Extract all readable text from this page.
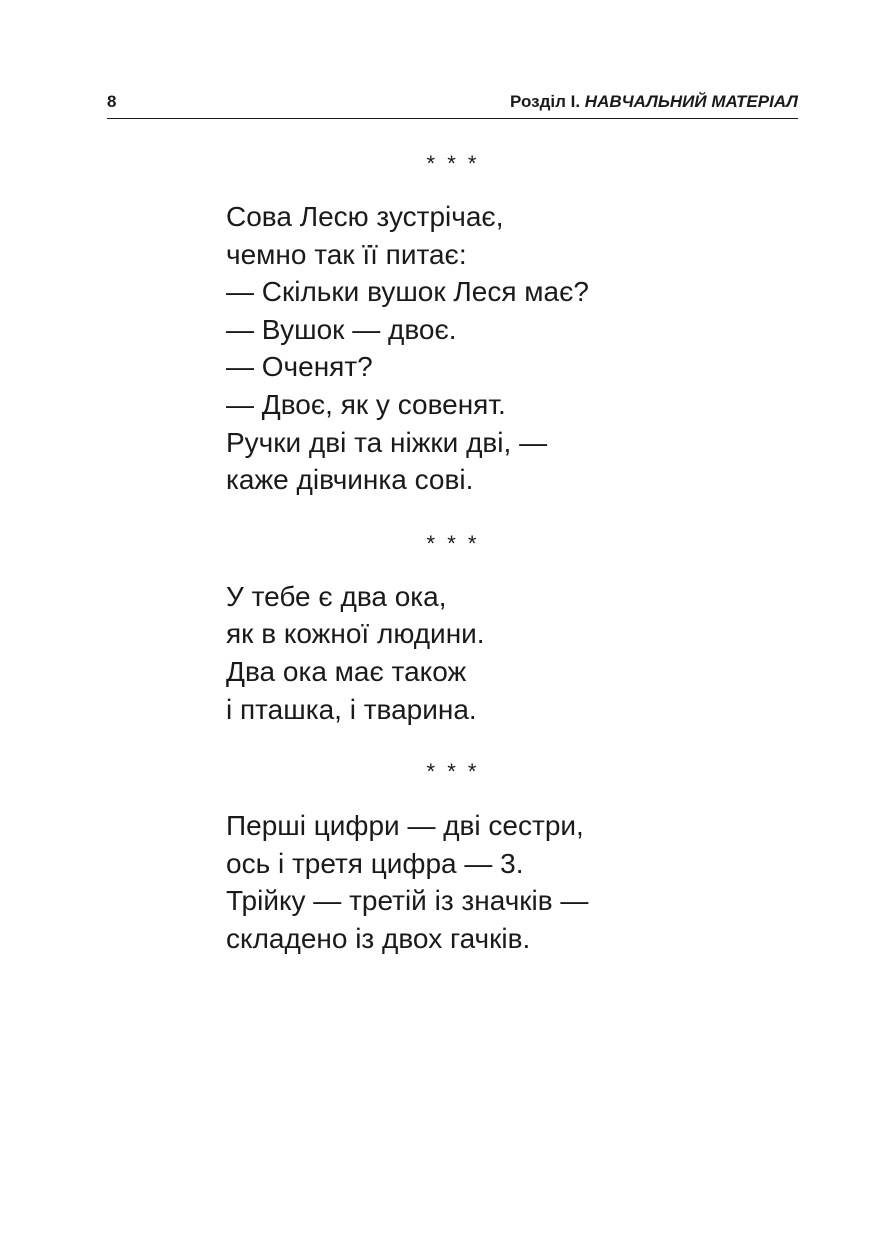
8	Розділ І. НАВЧАЛЬНИЙ МАТЕРІАЛ
* * *
Сова Лесю зустрічає,
чемно так її питає:
— Скільки вушок Леся має?
— Вушок — двоє.
— Оченят?
— Двоє, як у совенят.
Ручки дві та ніжки дві, —
каже дівчинка сові.
* * *
У тебе є два ока,
як в кожної людини.
Два ока має також
і пташка, і тварина.
* * *
Перші цифри — дві сестри,
ось і третя цифра — 3.
Трійку — третій із значків —
складено із двох гачків.
